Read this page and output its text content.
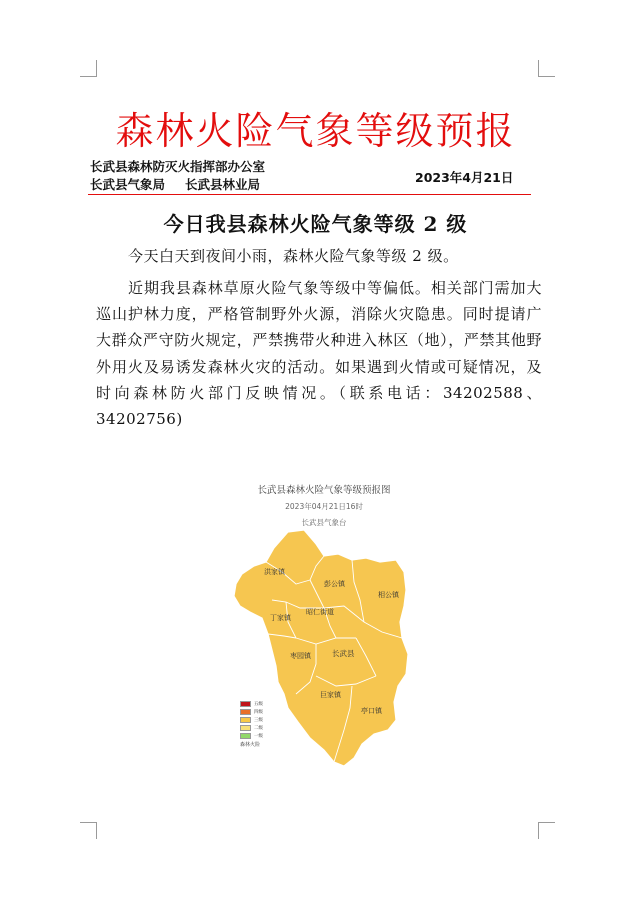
森林火险气象等级预报
长武县森林防灭火指挥部办公室
长武县气象局 长武县林业局	2023年4月21日
今日我县森林火险气象等级 2 级

今天白天到夜间小雨，森林火险气象等级 2 级。

近期我县森林草原火险气象等级中等偏低。相关部门需加大巡山护林力度，严格管制野外火源，消除火灾隐患。同时提请广大群众严守防火规定，严禁携带火种进入林区（地），严禁其他野外用火及易诱发森林火灾的活动。如果遇到火情或可疑情况，及时向森林防火部门反映情况。（联系电话：34202588、34202756)

长武县森林火险气象等级预报图
2023年04月21日16时
长武县气象台
洪家镇
彭公镇
相公镇
丁家镇
昭仁街道
枣园镇	长武县
巨家镇
亭口镇
五级
四级
三级
二级
一级
森林火险
